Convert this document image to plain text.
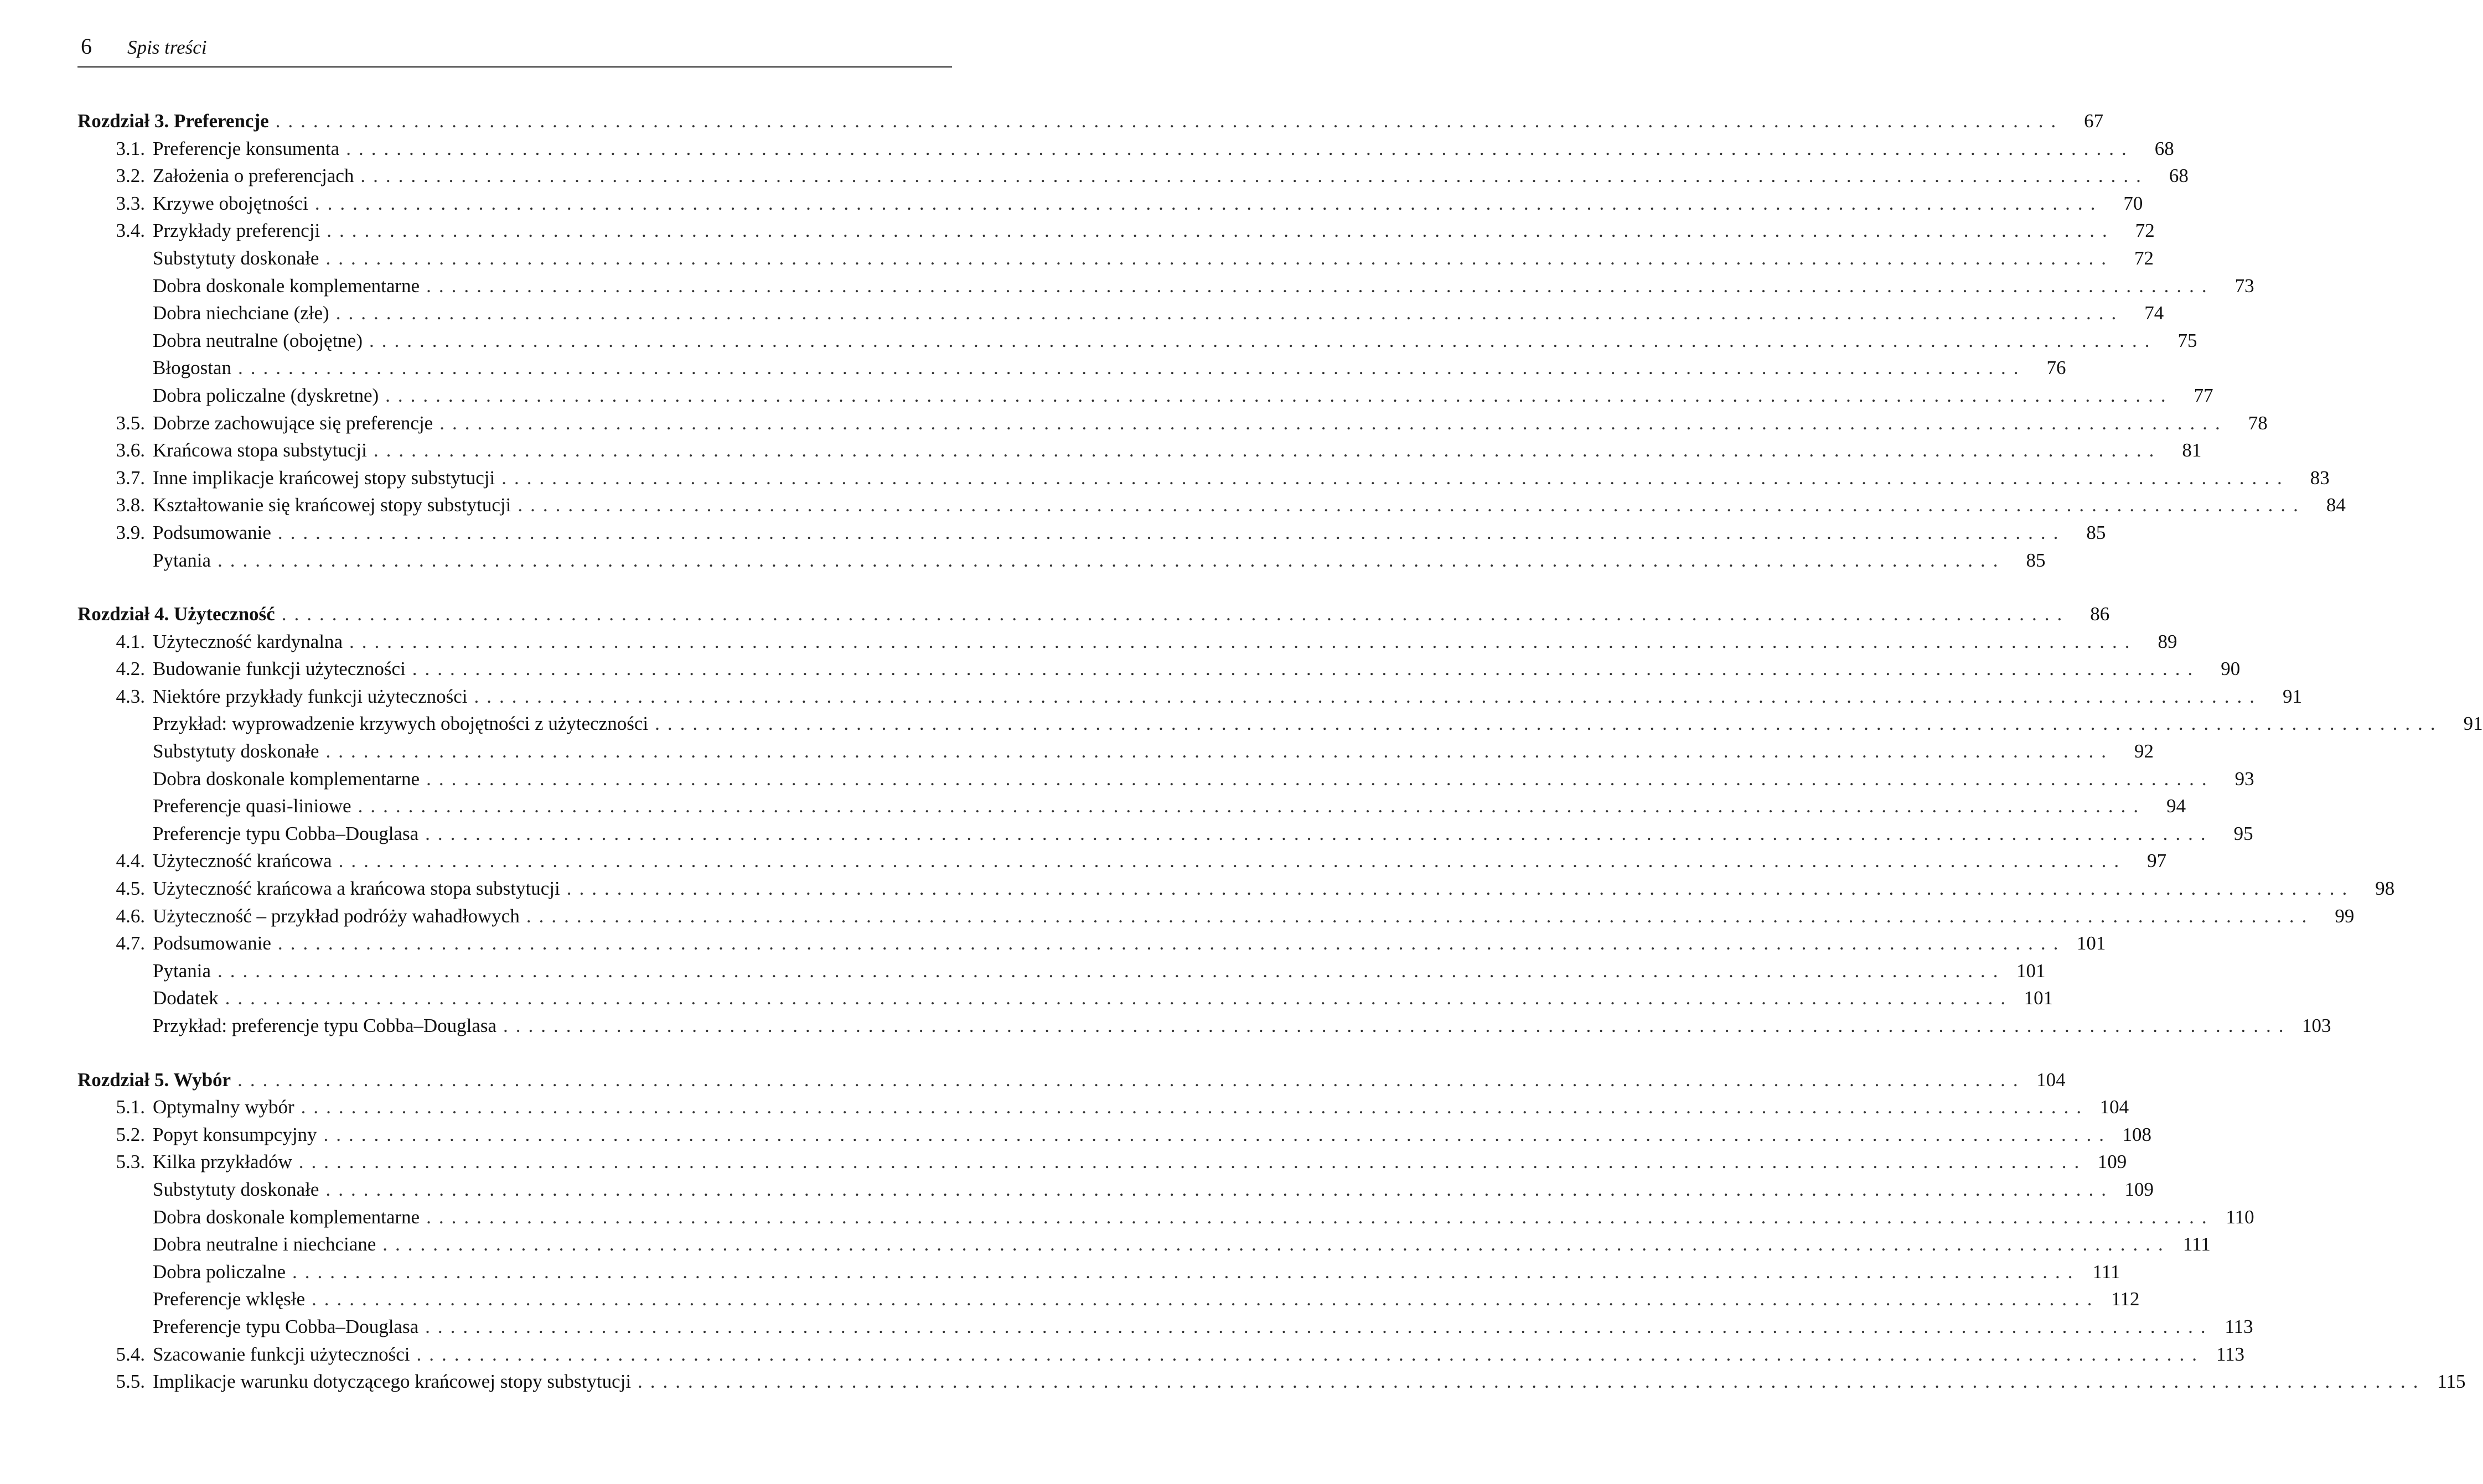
6 Spis treści
Rozdział 3. Preferencje ..............................................................................................................................................	67
3.1. Preferencje konsumenta ..............................................................................................................................................	68
3.2. Założenia o preferencjach ..............................................................................................................................................	68
3.3. Krzywe obojętności ..............................................................................................................................................	70
3.4. Przykłady preferencji ..............................................................................................................................................	72
Substytuty doskonałe ..............................................................................................................................................	72
Dobra doskonale komplementarne ..............................................................................................................................................	73
Dobra niechciane (złe) ..............................................................................................................................................	74
Dobra neutralne (obojętne) ..............................................................................................................................................	75
Błogostan ..............................................................................................................................................	76
Dobra policzalne (dyskretne) ..............................................................................................................................................	77
3.5. Dobrze zachowujące się preferencje ..............................................................................................................................................	78
3.6. Krańcowa stopa substytucji ..............................................................................................................................................	81
3.7. Inne implikacje krańcowej stopy substytucji ..............................................................................................................................................	83
3.8. Kształtowanie się krańcowej stopy substytucji ..............................................................................................................................................	84
3.9. Podsumowanie ..............................................................................................................................................	85
Pytania ..............................................................................................................................................	85
Rozdział 4. Użyteczność ..............................................................................................................................................	86
4.1. Użyteczność kardynalna ..............................................................................................................................................	89
4.2. Budowanie funkcji użyteczności ..............................................................................................................................................	90
4.3. Niektóre przykłady funkcji użyteczności ..............................................................................................................................................	91
Przykład: wyprowadzenie krzywych obojętności z użyteczności ..............................................................................................................................................	91
Substytuty doskonałe ..............................................................................................................................................	92
Dobra doskonale komplementarne ..............................................................................................................................................	93
Preferencje quasi-liniowe ..............................................................................................................................................	94
Preferencje typu Cobba–Douglasa ..............................................................................................................................................	95
4.4. Użyteczność krańcowa ..............................................................................................................................................	97
4.5. Użyteczność krańcowa a krańcowa stopa substytucji ..............................................................................................................................................	98
4.6. Użyteczność – przykład podróży wahadłowych ..............................................................................................................................................	99
4.7. Podsumowanie .............................................................................................................................................. 101
Pytania .............................................................................................................................................. 101
Dodatek .............................................................................................................................................. 101
Przykład: preferencje typu Cobba–Douglasa .............................................................................................................................................. 103
Rozdział 5. Wybór .............................................................................................................................................. 104
5.1. Optymalny wybór .............................................................................................................................................. 104
5.2. Popyt konsumpcyjny .............................................................................................................................................. 108
5.3. Kilka przykładów .............................................................................................................................................. 109
Substytuty doskonałe .............................................................................................................................................. 109
Dobra doskonale komplementarne .............................................................................................................................................. 110
Dobra neutralne i niechciane .............................................................................................................................................. 111
Dobra policzalne .............................................................................................................................................. 111
Preferencje wklęsłe .............................................................................................................................................. 112
Preferencje typu Cobba–Douglasa .............................................................................................................................................. 113
5.4. Szacowanie funkcji użyteczności .............................................................................................................................................. 113
5.5. Implikacje warunku dotyczącego krańcowej stopy substytucji .............................................................................................................................................. 115
